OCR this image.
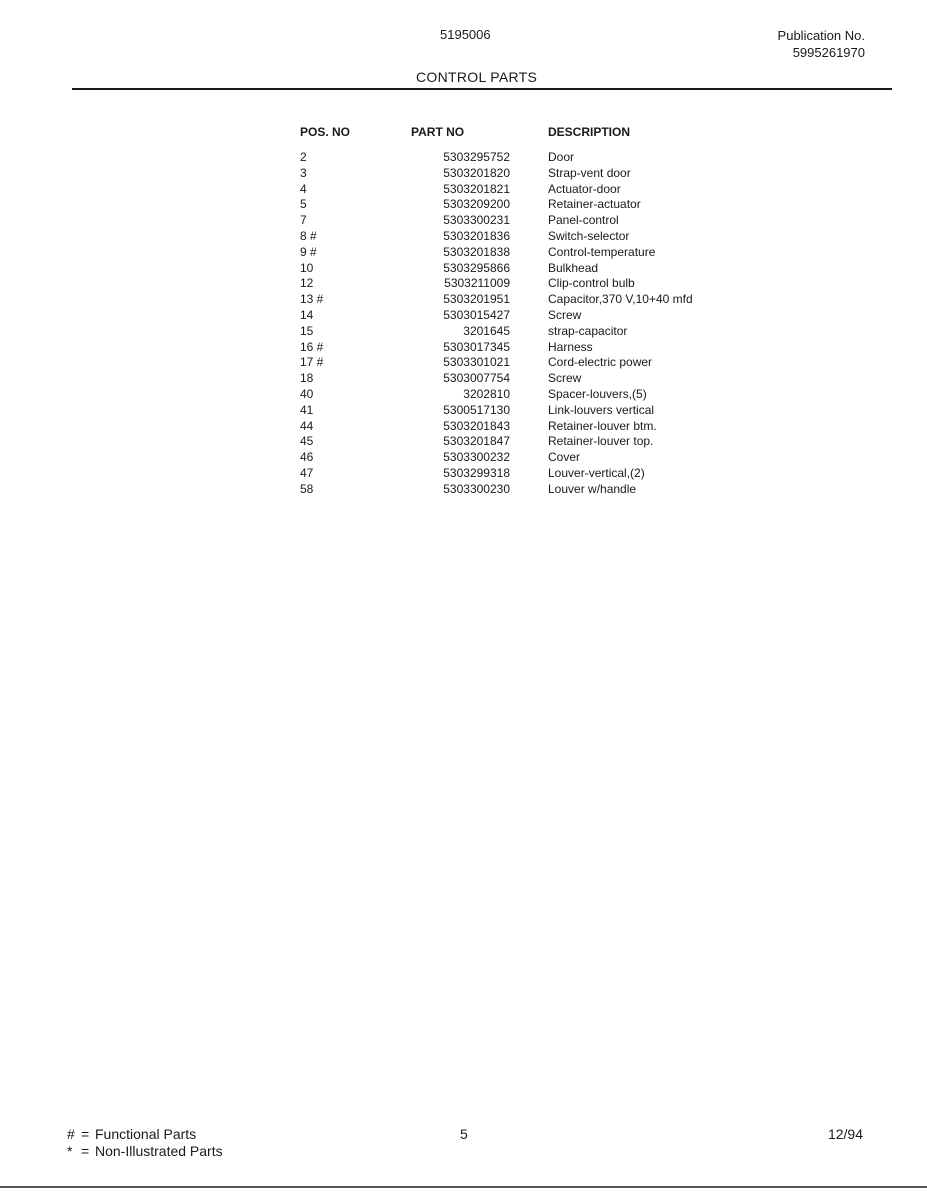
5195006	Publication No.
5995261970
CONTROL PARTS
POS. NO	PART NO	DESCRIPTION
2	5303295752	Door
3	5303201820	Strap-vent door
4	5303201821	Actuator-door
5	5303209200	Retainer-actuator
7	5303300231	Panel-control
8 #	5303201836	Switch-selector
9 #	5303201838	Control-temperature
10	5303295866	Bulkhead
12	5303211009	Clip-control bulb
13 #	5303201951	Capacitor,370 V,10+40 mfd
14	5303015427	Screw
15	3201645	strap-capacitor
16 #	5303017345	Harness
17 #	5303301021	Cord-electric power
18	5303007754	Screw
40	3202810	Spacer-louvers,(5)
41	5300517130	Link-louvers vertical
44	5303201843	Retainer-louver btm.
45	5303201847	Retainer-louver top.
46	5303300232	Cover
47	5303299318	Louver-vertical,(2)
58	5303300230	Louver w/handle
# = Functional Parts
* = Non-Illustrated Parts
5	12/94
